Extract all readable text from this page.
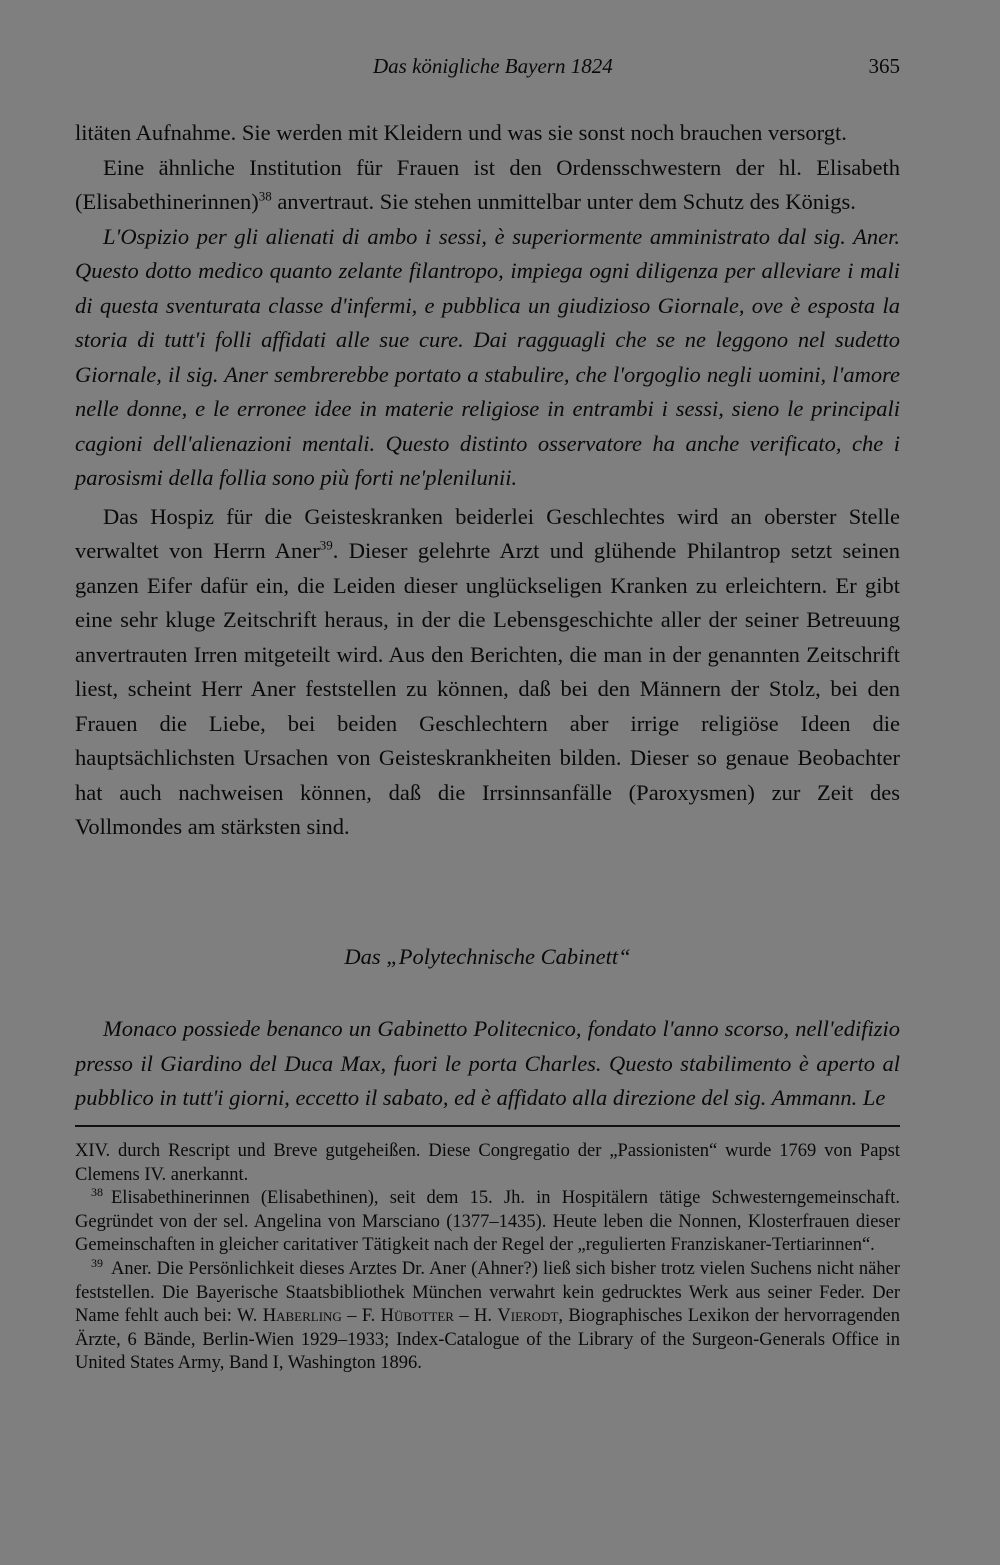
Das königliche Bayern 1824	365

litäten Aufnahme. Sie werden mit Kleidern und was sie sonst noch brauchen versorgt.

Eine ähnliche Institution für Frauen ist den Ordensschwestern der hl. Elisabeth (Elisabethinerinnen)$^{38}$ anvertraut. Sie stehen unmittelbar unter dem Schutz des Königs.

L'Ospizio per gli alienati di ambo i sessi, è superiormente amministrato dal sig. Aner. Questo dotto medico quanto zelante filantropo, impiega ogni diligenza per alleviare i mali di questa sventurata classe d'infermi, e pubblica un giudizioso Giornale, ove è esposta la storia di tutt'i folli affidati alle sue cure. Dai ragguagli che se ne leggono nel sudetto Giornale, il sig. Aner sembrerebbe portato a stabulire, che l'orgoglio negli uomini, l'amore nelle donne, e le erronee idee in materie religiose in entrambi i sessi, sieno le principali cagioni dell'alienazioni mentali. Questo distinto osservatore ha anche verificato, che i parosismi della follia sono più forti ne'plenilunii.

Das Hospiz für die Geisteskranken beiderlei Geschlechtes wird an oberster Stelle verwaltet von Herrn Aner$^{39}$. Dieser gelehrte Arzt und glühende Philantrop setzt seinen ganzen Eifer dafür ein, die Leiden dieser unglückseligen Kranken zu erleichtern. Er gibt eine sehr kluge Zeitschrift heraus, in der die Lebensgeschichte aller der seiner Betreuung anvertrauten Irren mitgeteilt wird. Aus den Berichten, die man in der genannten Zeitschrift liest, scheint Herr Aner feststellen zu können, daß bei den Männern der Stolz, bei den Frauen die Liebe, bei beiden Geschlechtern aber irrige religiöse Ideen die hauptsächlichsten Ursachen von Geisteskrankheiten bilden. Dieser so genaue Beobachter hat auch nachweisen können, daß die Irrsinnsanfälle (Paroxysmen) zur Zeit des Vollmondes am stärksten sind.

Das „Polytechnische Cabinett“

Monaco possiede benanco un Gabinetto Politecnico, fondato l'anno scorso, nell'edifizio presso il Giardino del Duca Max, fuori le porta Charles. Questo stabilimento è aperto al pubblico in tutt'i giorni, eccetto il sabato, ed è affidato alla direzione del sig. Ammann. Le

XIV. durch Rescript und Breve gutgeheißen. Diese Congregatio der „Passionisten“ wurde 1769 von Papst Clemens IV. anerkannt.

$^{38}$ Elisabethinerinnen (Elisabethinen), seit dem 15. Jh. in Hospitälern tätige Schwesterngemeinschaft. Gegründet von der sel. Angelina von Marsciano (1377–1435). Heute leben die Nonnen, Klosterfrauen dieser Gemeinschaften in gleicher caritativer Tätigkeit nach der Regel der „regulierten Franziskaner-Tertiarinnen“.

$^{39}$ Aner. Die Persönlichkeit dieses Arztes Dr. Aner (Ahner?) ließ sich bisher trotz vielen Suchens nicht näher feststellen. Die Bayerische Staatsbibliothek München verwahrt kein gedrucktes Werk aus seiner Feder. Der Name fehlt auch bei: W. Haberling – F. Hübotter – H. Vierodt, Biographisches Lexikon der hervorragenden Ärzte, 6 Bände, Berlin-Wien 1929–1933; Index-Catalogue of the Library of the Surgeon-Generals Office in United States Army, Band I, Washington 1896.
